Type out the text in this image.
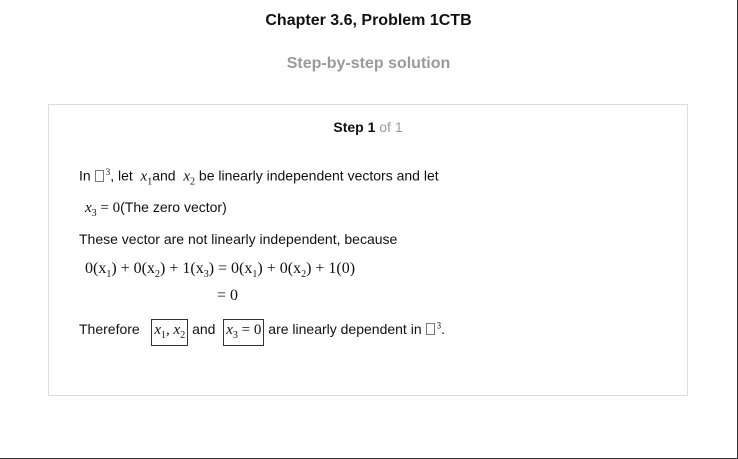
Chapter 3.6, Problem 1CTB
Step-by-step solution
Step 1 of 1
In $^3$, let $x_1and$ $x_2$ be linearly independent vectors and let
$x_3 = 0(The$ zero vector)
These vector are not linearly independent, because
$0(x_1) + 0(x_2) + 1(x_3) = 0(x_1) + 0(x_2) + 1(0)$
= 0
Therefore $x_1$, $x_2$ and $x_3 = 0$ are linearly dependent in $^3$.
